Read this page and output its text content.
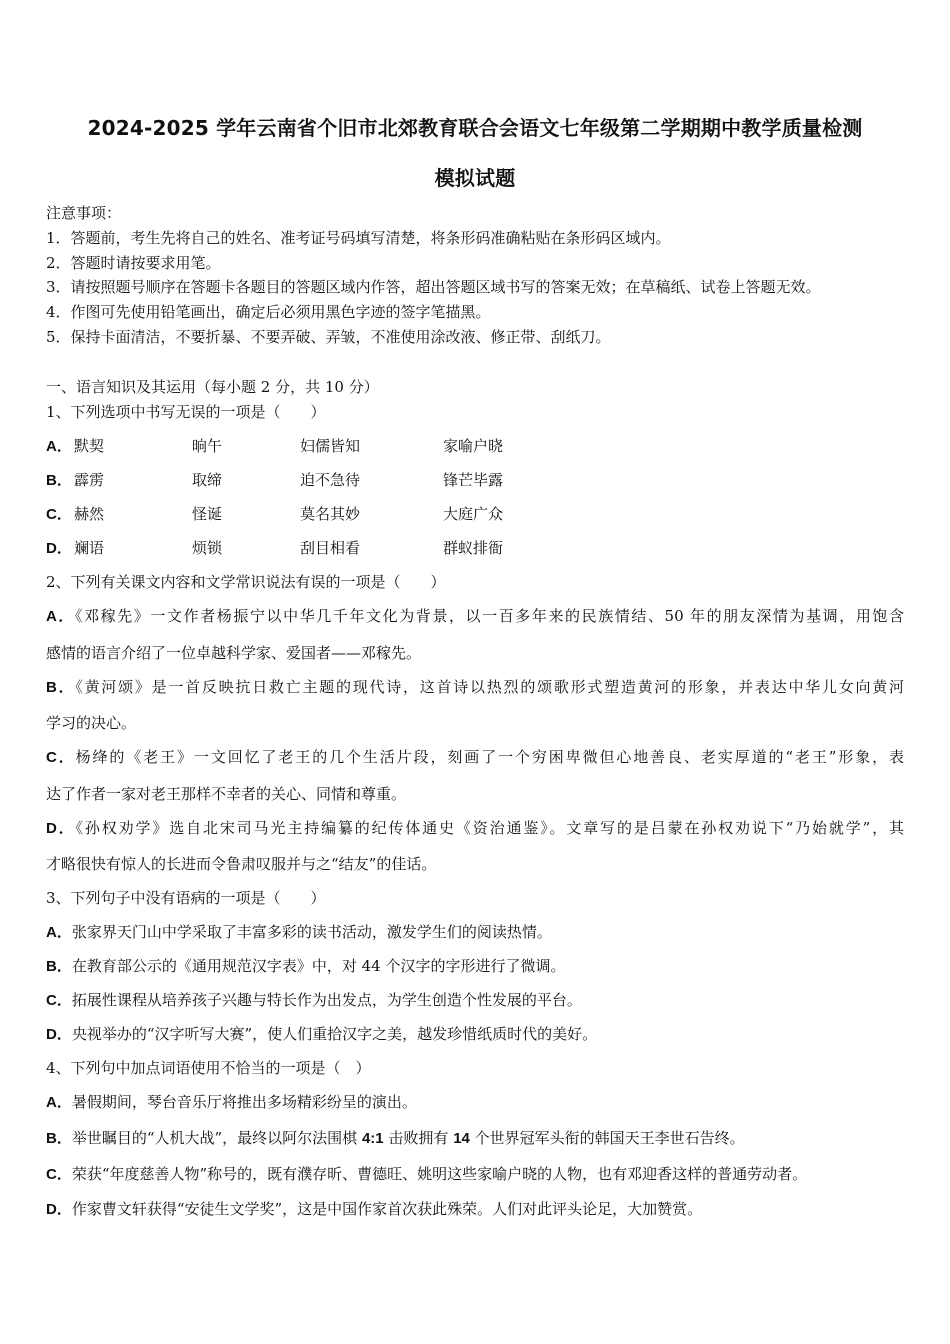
2024-2025 学年云南省个旧市北郊教育联合会语文七年级第二学期期中教学质量检测
模拟试题
注意事项：
1．答题前，考生先将自己的姓名、准考证号码填写清楚，将条形码准确粘贴在条形码区域内。
2．答题时请按要求用笔。
3．请按照题号顺序在答题卡各题目的答题区域内作答，超出答题区域书写的答案无效；在草稿纸、试卷上答题无效。
4．作图可先使用铅笔画出，确定后必须用黑色字迹的签字笔描黑。
5．保持卡面清洁，不要折暴、不要弄破、弄皱，不准使用涂改液、修正带、刮纸刀。
一、语言知识及其运用（每小题 2 分，共 10 分）
1、下列选项中书写无误的一项是（　　）
A． 默契	晌午	妇儒皆知	家喻户晓
B． 霹雳	取缔	迫不急待	锋芒毕露
C． 赫然	怪诞	莫名其妙	大庭广众
D． 斓语	烦锁	刮目相看	群蚁排衙
2、下列有关课文内容和文学常识说法有误的一项是（　　）
A．《邓稼先》一文作者杨振宁以中华几千年文化为背景，以一百多年来的民族情结、50 年的朋友深情为基调，用饱含
感情的语言介绍了一位卓越科学家、爱国者——邓稼先。
B．《黄河颂》是一首反映抗日救亡主题的现代诗，这首诗以热烈的颂歌形式塑造黄河的形象，并表达中华儿女向黄河
学习的决心。
C．杨绛的《老王》一文回忆了老王的几个生活片段，刻画了一个穷困卑微但心地善良、老实厚道的“老王”形象，表
达了作者一家对老王那样不幸者的关心、同情和尊重。
D．《孙权劝学》选自北宋司马光主持编纂的纪传体通史《资治通鉴》。文章写的是吕蒙在孙权劝说下“乃始就学”，其
才略很快有惊人的长进而令鲁肃叹服并与之“结友”的佳话。
3、下列句子中没有语病的一项是（　　）
A．张家界天门山中学采取了丰富多彩的读书活动，激发学生们的阅读热情。
B．在教育部公示的《通用规范汉字表》中，对 44 个汉字的字形进行了微调。
C．拓展性课程从培养孩子兴趣与特长作为出发点，为学生创造个性发展的平台。
D．央视举办的“汉字听写大赛”，使人们重拾汉字之美，越发珍惜纸质时代的美好。
4、下列句中加点词语使用不恰当的一项是（　）
A．暑假期间，琴台音乐厅将推出多场精彩纷呈的演出。
B．举世瞩目的“人机大战”，最终以阿尔法围棋 4:1 击败拥有 14 个世界冠军头衔的韩国天王李世石告终。
C．荣获“年度慈善人物”称号的，既有濮存昕、曹德旺、姚明这些家喻户晓的人物，也有邓迎香这样的普通劳动者。
D．作家曹文轩获得“安徒生文学奖”，这是中国作家首次获此殊荣。人们对此评头论足，大加赞赏。
